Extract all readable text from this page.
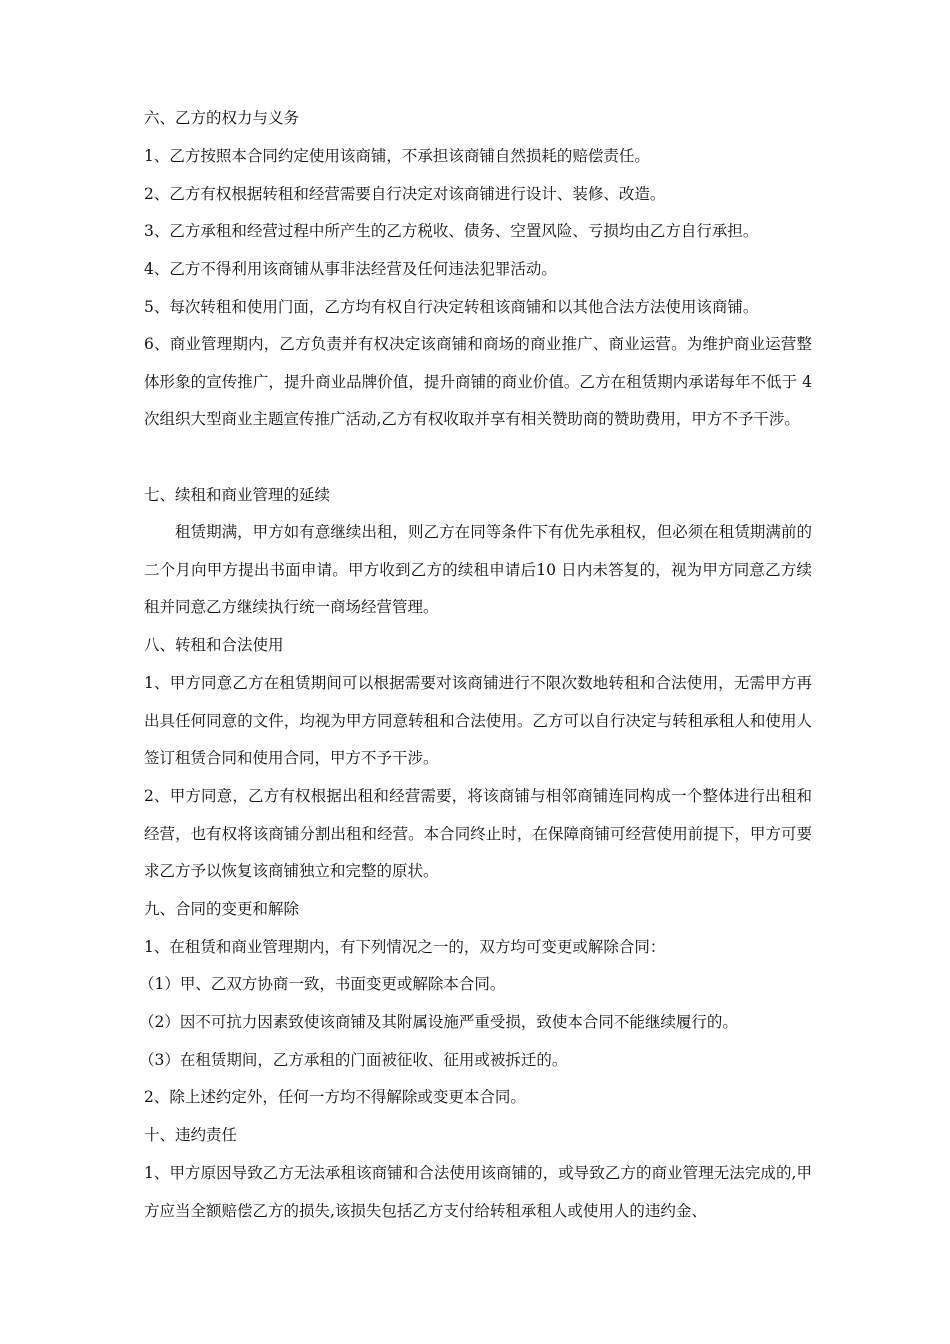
六、乙方的权力与义务

1、乙方按照本合同约定使用该商铺，不承担该商铺自然损耗的赔偿责任。

2、乙方有权根据转租和经营需要自行决定对该商铺进行设计、装修、改造。

3、乙方承租和经营过程中所产生的乙方税收、债务、空置风险、亏损均由乙方自行承担。

4、乙方不得利用该商铺从事非法经营及任何违法犯罪活动。

5、每次转租和使用门面，乙方均有权自行决定转租该商铺和以其他合法方法使用该商铺。

6、商业管理期内，乙方负责并有权决定该商铺和商场的商业推广、商业运营。为维护商业运营整体形象的宣传推广，提升商业品牌价值，提升商铺的商业价值。乙方在租赁期内承诺每年不低于 4 次组织大型商业主题宣传推广活动,乙方有权收取并享有相关赞助商的赞助费用，甲方不予干涉。

七、续租和商业管理的延续

租赁期满，甲方如有意继续出租，则乙方在同等条件下有优先承租权，但必须在租赁期满前的二个月向甲方提出书面申请。甲方收到乙方的续租申请后10 日内未答复的，视为甲方同意乙方续租并同意乙方继续执行统一商场经营管理。

八、转租和合法使用

1、甲方同意乙方在租赁期间可以根据需要对该商铺进行不限次数地转租和合法使用，无需甲方再出具任何同意的文件，均视为甲方同意转租和合法使用。乙方可以自行决定与转租承租人和使用人签订租赁合同和使用合同，甲方不予干涉。

2、甲方同意，乙方有权根据出租和经营需要，将该商铺与相邻商铺连同构成一个整体进行出租和经营，也有权将该商铺分割出租和经营。本合同终止时，在保障商铺可经营使用前提下，甲方可要求乙方予以恢复该商铺独立和完整的原状。

九、合同的变更和解除

1、在租赁和商业管理期内，有下列情况之一的，双方均可变更或解除合同：

（1）甲、乙双方协商一致，书面变更或解除本合同。

（2）因不可抗力因素致使该商铺及其附属设施严重受损，致使本合同不能继续履行的。

（3）在租赁期间，乙方承租的门面被征收、征用或被拆迁的。

2、除上述约定外，任何一方均不得解除或变更本合同。

十、违约责任

1、甲方原因导致乙方无法承租该商铺和合法使用该商铺的，或导致乙方的商业管理无法完成的,甲方应当全额赔偿乙方的损失,该损失包括乙方支付给转租承租人或使用人的违约金、
